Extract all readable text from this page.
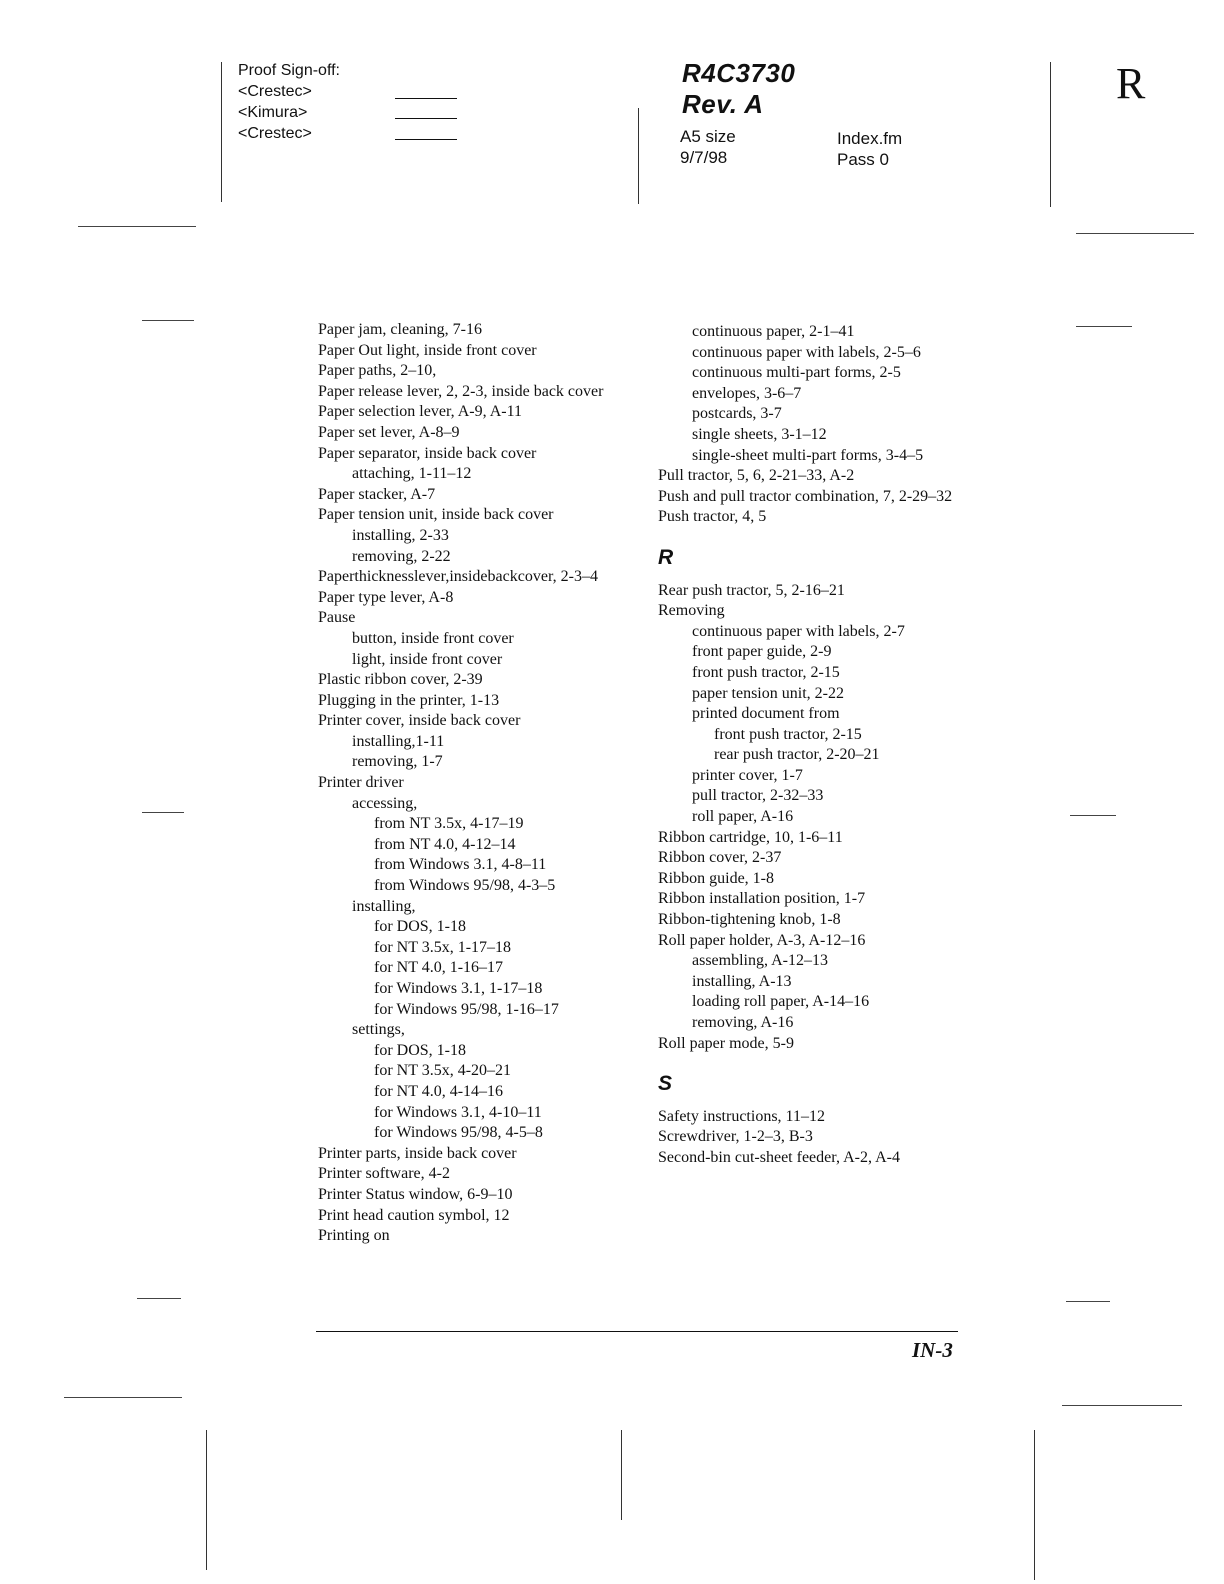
Proof Sign-off:
<Crestec>
<Kimura>
<Crestec>
R4C3730
Rev. A
A5 size
9/7/98
Index.fm
Pass 0
R
Paper jam, cleaning, 7-16
Paper Out light, inside front cover
Paper paths, 2–10,
Paper release lever, 2, 2-3, inside back cover
Paper selection lever, A-9, A-11
Paper set lever, A-8–9
Paper separator, inside back cover
attaching, 1-11–12
Paper stacker, A-7
Paper tension unit, inside back cover
installing, 2-33
removing, 2-22
Paperthicknesslever,insidebackcover, 2-3–4
Paper type lever, A-8
Pause
button, inside front cover
light, inside front cover
Plastic ribbon cover, 2-39
Plugging in the printer, 1-13
Printer cover, inside back cover
installing,1-11
removing, 1-7
Printer driver
accessing,
from NT 3.5x, 4-17–19
from NT 4.0, 4-12–14
from Windows 3.1, 4-8–11
from Windows 95/98, 4-3–5
installing,
for DOS, 1-18
for NT 3.5x, 1-17–18
for NT 4.0, 1-16–17
for Windows 3.1, 1-17–18
for Windows 95/98, 1-16–17
settings,
for DOS, 1-18
for NT 3.5x, 4-20–21
for NT 4.0, 4-14–16
for Windows 3.1, 4-10–11
for Windows 95/98, 4-5–8
Printer parts, inside back cover
Printer software, 4-2
Printer Status window, 6-9–10
Print head caution symbol, 12
Printing on
continuous paper, 2-1–41
continuous paper with labels, 2-5–6
continuous multi-part forms, 2-5
envelopes, 3-6–7
postcards, 3-7
single sheets, 3-1–12
single-sheet multi-part forms, 3-4–5
Pull tractor, 5, 6, 2-21–33, A-2
Push and pull tractor combination, 7, 2-29–32
Push tractor, 4, 5
R
Rear push tractor, 5, 2-16–21
Removing
continuous paper with labels, 2-7
front paper guide, 2-9
front push tractor, 2-15
paper tension unit, 2-22
printed document from
front push tractor, 2-15
rear push tractor, 2-20–21
printer cover, 1-7
pull tractor, 2-32–33
roll paper, A-16
Ribbon cartridge, 10, 1-6–11
Ribbon cover, 2-37
Ribbon guide, 1-8
Ribbon installation position, 1-7
Ribbon-tightening knob, 1-8
Roll paper holder, A-3, A-12–16
assembling, A-12–13
installing, A-13
loading roll paper, A-14–16
removing, A-16
Roll paper mode, 5-9
S
Safety instructions, 11–12
Screwdriver, 1-2–3, B-3
Second-bin cut-sheet feeder, A-2, A-4
IN-3
